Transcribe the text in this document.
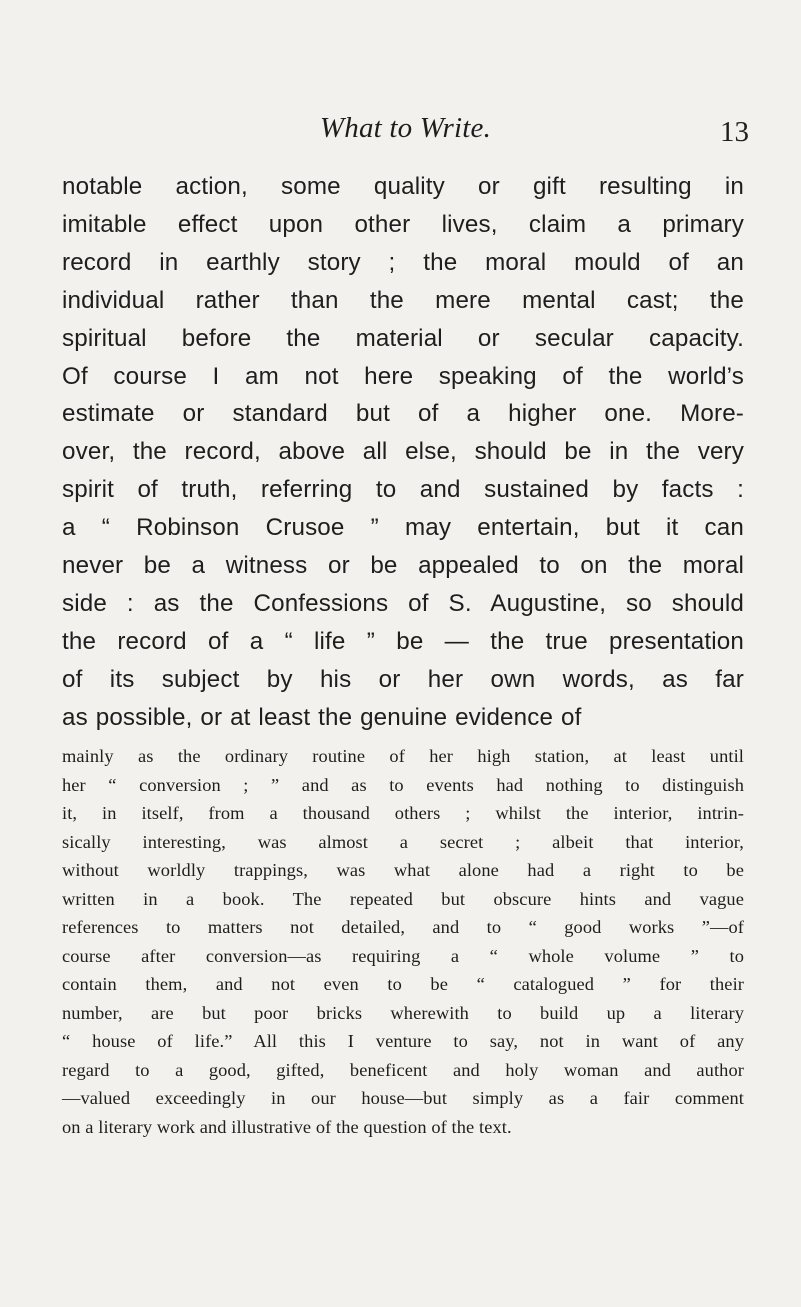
What to Write.	13
notable action, some quality or gift resulting in
imitable effect upon other lives, claim a primary
record in earthly story ; the moral mould of an
individual rather than the mere mental cast; the
spiritual before the material or secular capacity.
Of course I am not here speaking of the world’s
estimate or standard but of a higher one. More-
over, the record, above all else, should be in the very
spirit of truth, referring to and sustained by facts :
a “ Robinson Crusoe ” may entertain, but it can
never be a witness or be appealed to on the moral
side : as the Confessions of S. Augustine, so should
the record of a “ life ” be — the true presentation
of its subject by his or her own words, as far
as possible, or at least the genuine evidence of
mainly as the ordinary routine of her high station, at least until
her “ conversion ; ” and as to events had nothing to distinguish
it, in itself, from a thousand others ; whilst the interior, intrin-
sically interesting, was almost a secret ; albeit that interior,
without worldly trappings, was what alone had a right to be
written in a book. The repeated but obscure hints and vague
references to matters not detailed, and to “ good works ”—of
course after conversion—as requiring a “ whole volume ” to
contain them, and not even to be “ catalogued ” for their
number, are but poor bricks wherewith to build up a literary
“ house of life.” All this I venture to say, not in want of any
regard to a good, gifted, beneficent and holy woman and author
—valued exceedingly in our house—but simply as a fair comment
on a literary work and illustrative of the question of the text.
